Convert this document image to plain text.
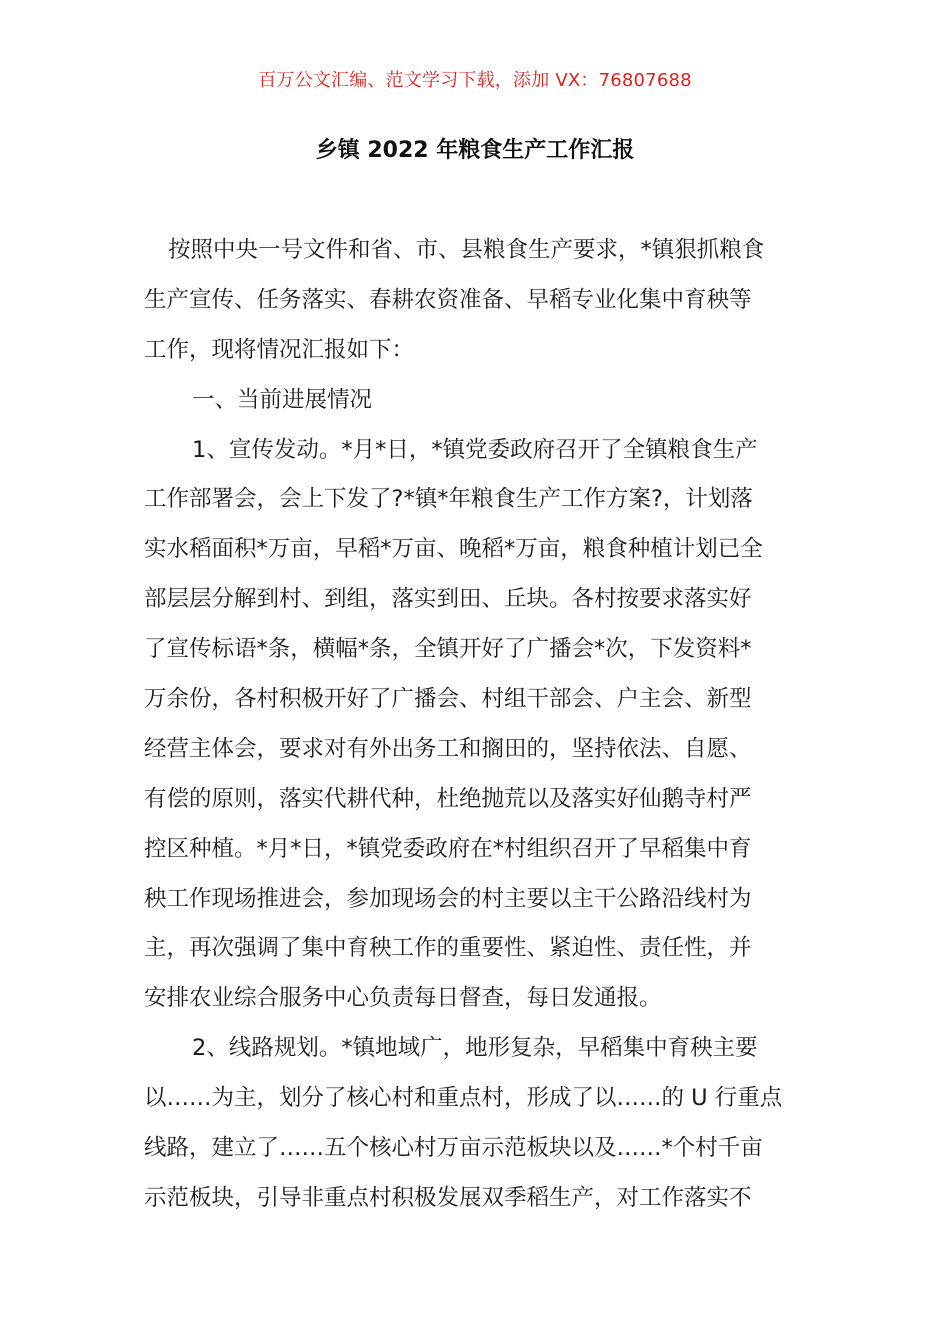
百万公文汇编、范文学习下载，添加 VX：76807688
乡镇 2022 年粮食生产工作汇报

按照中央一号文件和省、市、县粮食生产要求，*镇狠抓粮食
生产宣传、任务落实、春耕农资准备、早稻专业化集中育秧等
工作，现将情况汇报如下：

一、当前进展情况

1、宣传发动。*月*日，*镇党委政府召开了全镇粮食生产
工作部署会，会上下发了?*镇*年粮食生产工作方案?，计划落
实水稻面积*万亩，早稻*万亩、晚稻*万亩，粮食种植计划已全
部层层分解到村、到组，落实到田、丘块。各村按要求落实好
了宣传标语*条，横幅*条，全镇开好了广播会*次，下发资料*
万余份，各村积极开好了广播会、村组干部会、户主会、新型
经营主体会，要求对有外出务工和搁田的，坚持依法、自愿、
有偿的原则，落实代耕代种，杜绝抛荒以及落实好仙鹅寺村严
控区种植。*月*日，*镇党委政府在*村组织召开了早稻集中育
秧工作现场推进会，参加现场会的村主要以主干公路沿线村为
主，再次强调了集中育秧工作的重要性、紧迫性、责任性，并
安排农业综合服务中心负责每日督查，每日发通报。

2、线路规划。*镇地域广，地形复杂，早稻集中育秧主要
以……为主，划分了核心村和重点村，形成了以……的 U 行重点
线路，建立了……五个核心村万亩示范板块以及……*个村千亩
示范板块，引导非重点村积极发展双季稻生产，对工作落实不
